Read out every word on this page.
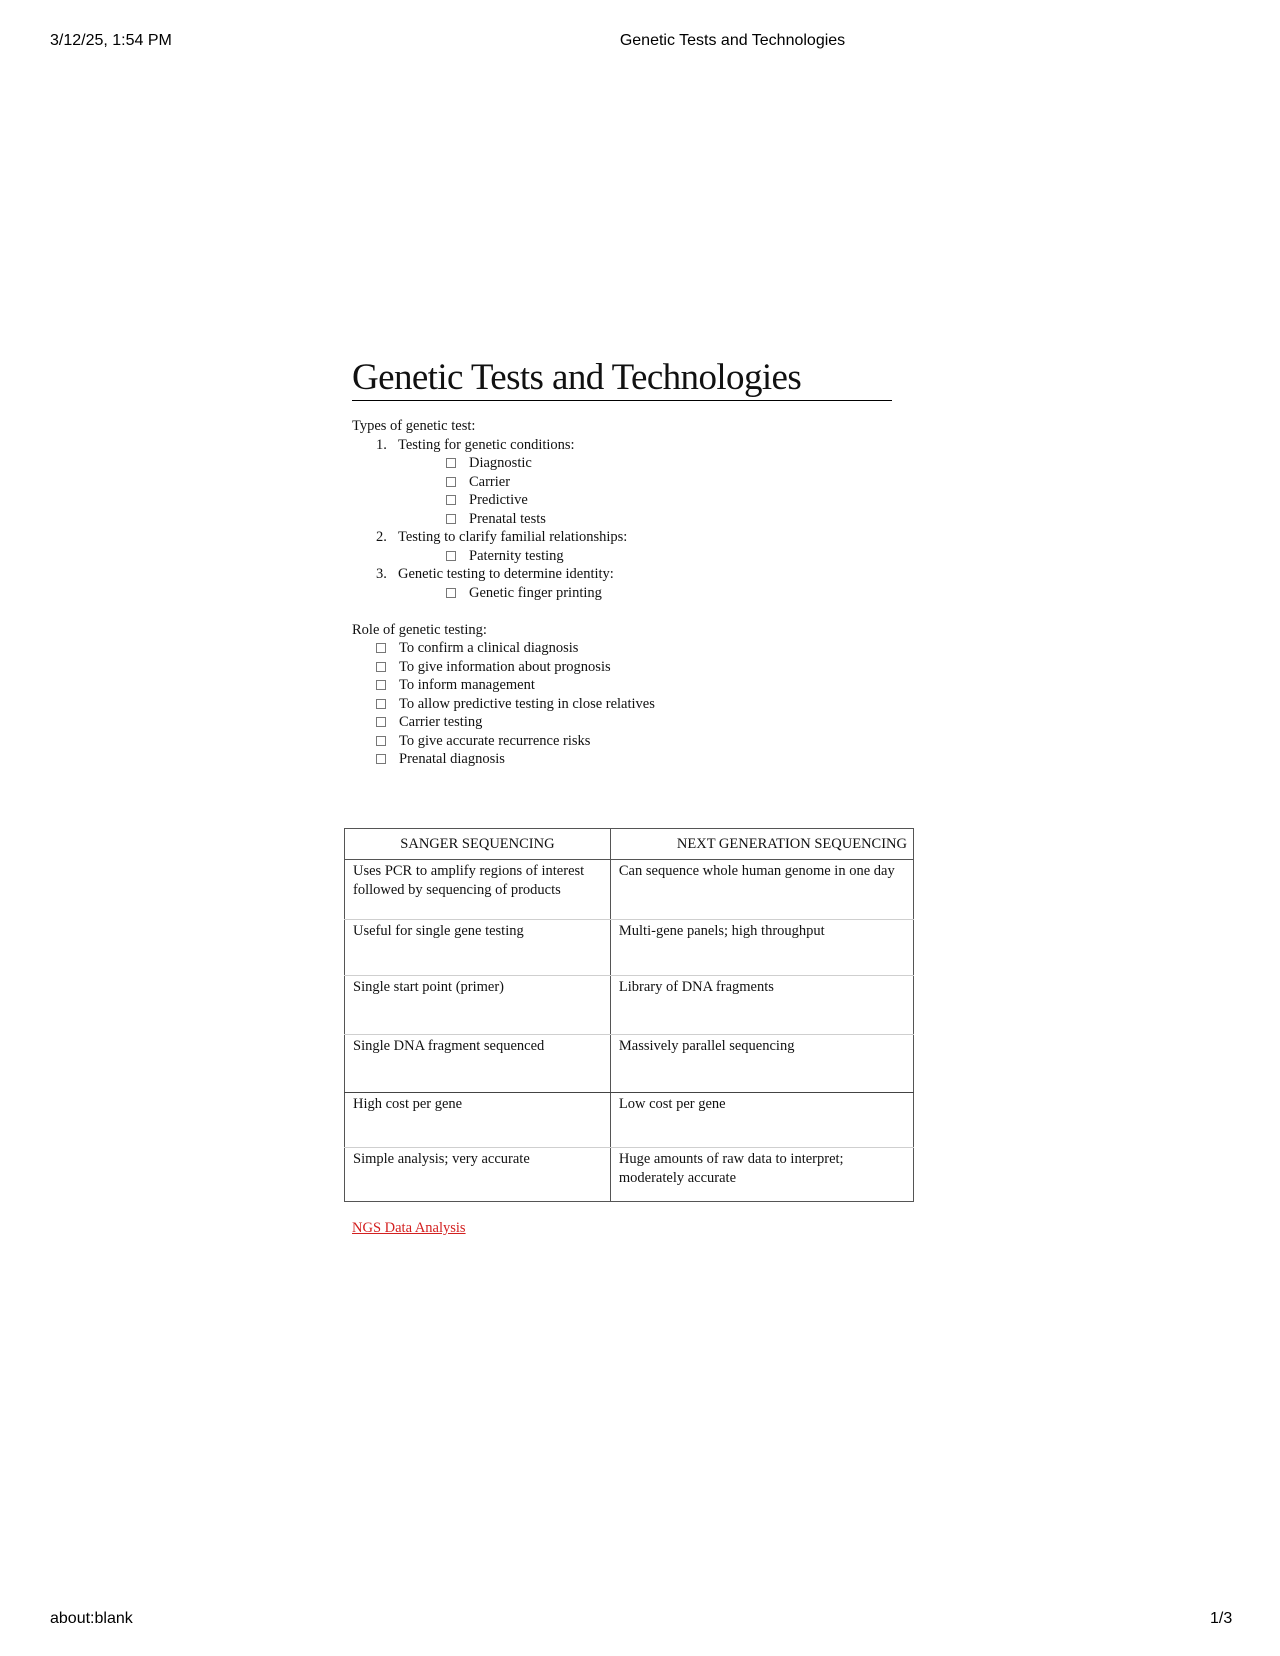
3/12/25, 1:54 PM	Genetic Tests and Technologies
Genetic Tests and Technologies
Types of genetic test:
1. Testing for genetic conditions:
Diagnostic
Carrier
Predictive
Prenatal tests
2. Testing to clarify familial relationships:
Paternity testing
3. Genetic testing to determine identity:
Genetic finger printing
Role of genetic testing:
To confirm a clinical diagnosis
To give information about prognosis
To inform management
To allow predictive testing in close relatives
Carrier testing
To give accurate recurrence risks
Prenatal diagnosis
SANGER SEQUENCING	NEXT GENERATION SEQUENCING
Uses PCR to amplify regions of interest followed by sequencing of products	Can sequence whole human genome in one day
Useful for single gene testing	Multi-gene panels; high throughput
Single start point (primer)	Library of DNA fragments
Single DNA fragment sequenced	Massively parallel sequencing
High cost per gene	Low cost per gene
Simple analysis; very accurate	Huge amounts of raw data to interpret; moderately accurate
NGS Data Analysis
about:blank	1/3
